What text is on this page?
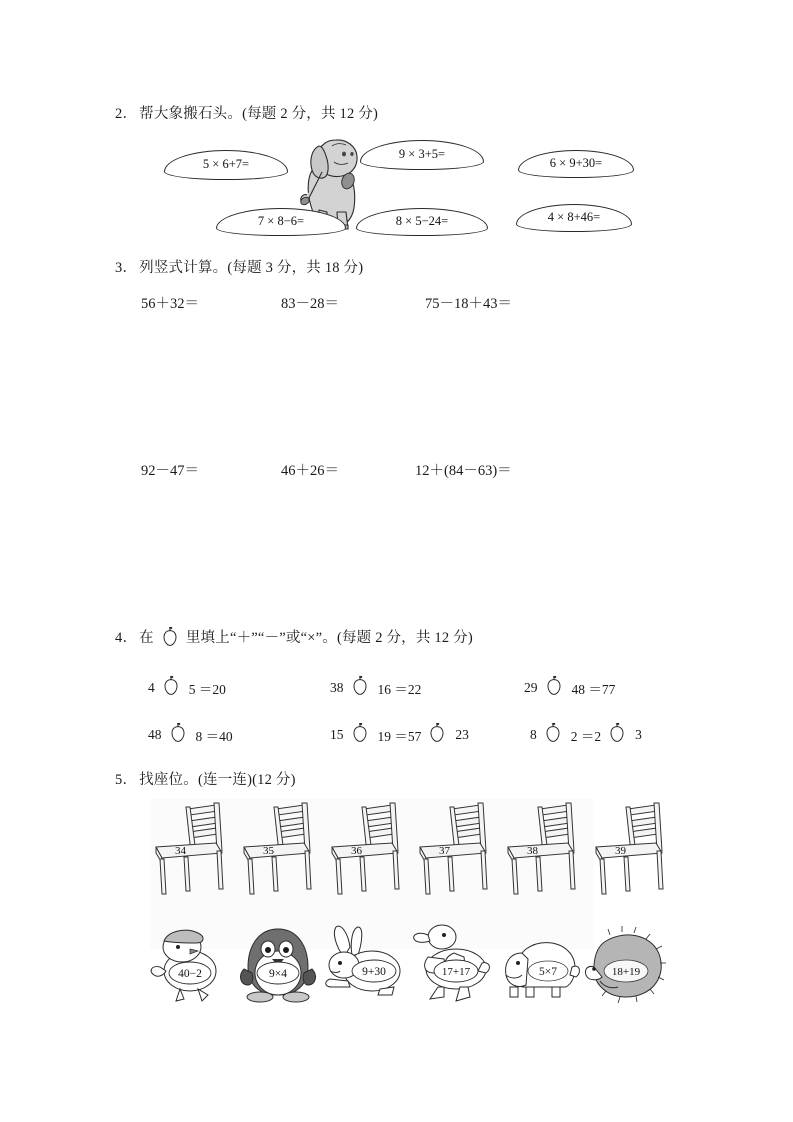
2． 帮大象搬石头。(每题 2 分，共 12 分)
5 × 6+7=
9 × 3+5=
6 × 9+30=
7 × 8−6=	8 × 5−24=	4 × 8+46=
3． 列竖式计算。(每题 3 分，共 18 分)
56＋32＝	83－28＝	75－18＋43＝
92－47＝	46＋26＝	12＋(84－63)＝
4． 在 里填上“＋”“－”或“×”。(每题 2 分，共 12 分)
4	5 ＝20	38	16 ＝22	29	48 ＝77
48	8 ＝40	15	19 ＝57	23	8	2 ＝2	3
5． 找座位。(连一连)(12 分)
34	35	36	37	38	39
40−2	9×4	9+30	17+17	5×7	18+19
